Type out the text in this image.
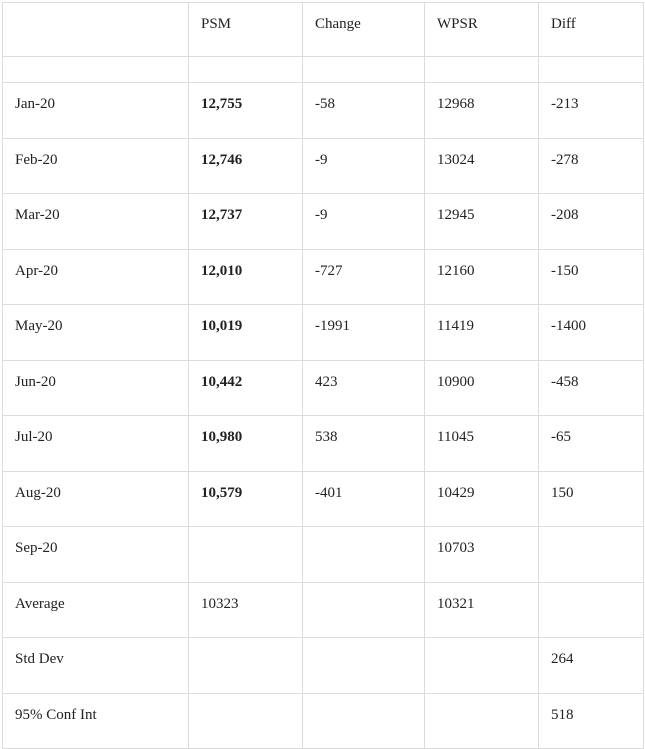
	PSM	Change	WPSR	Diff

Jan-20	12,755	-58	12968	-213
Feb-20	12,746	-9	13024	-278
Mar-20	12,737	-9	12945	-208
Apr-20	12,010	-727	12160	-150
May-20	10,019	-1991	11419	-1400
Jun-20	10,442	423	10900	-458
Jul-20	10,980	538	11045	-65
Aug-20	10,579	-401	10429	150
Sep-20			10703	
Average	10323		10321	
Std Dev				264
95% Conf Int				518
